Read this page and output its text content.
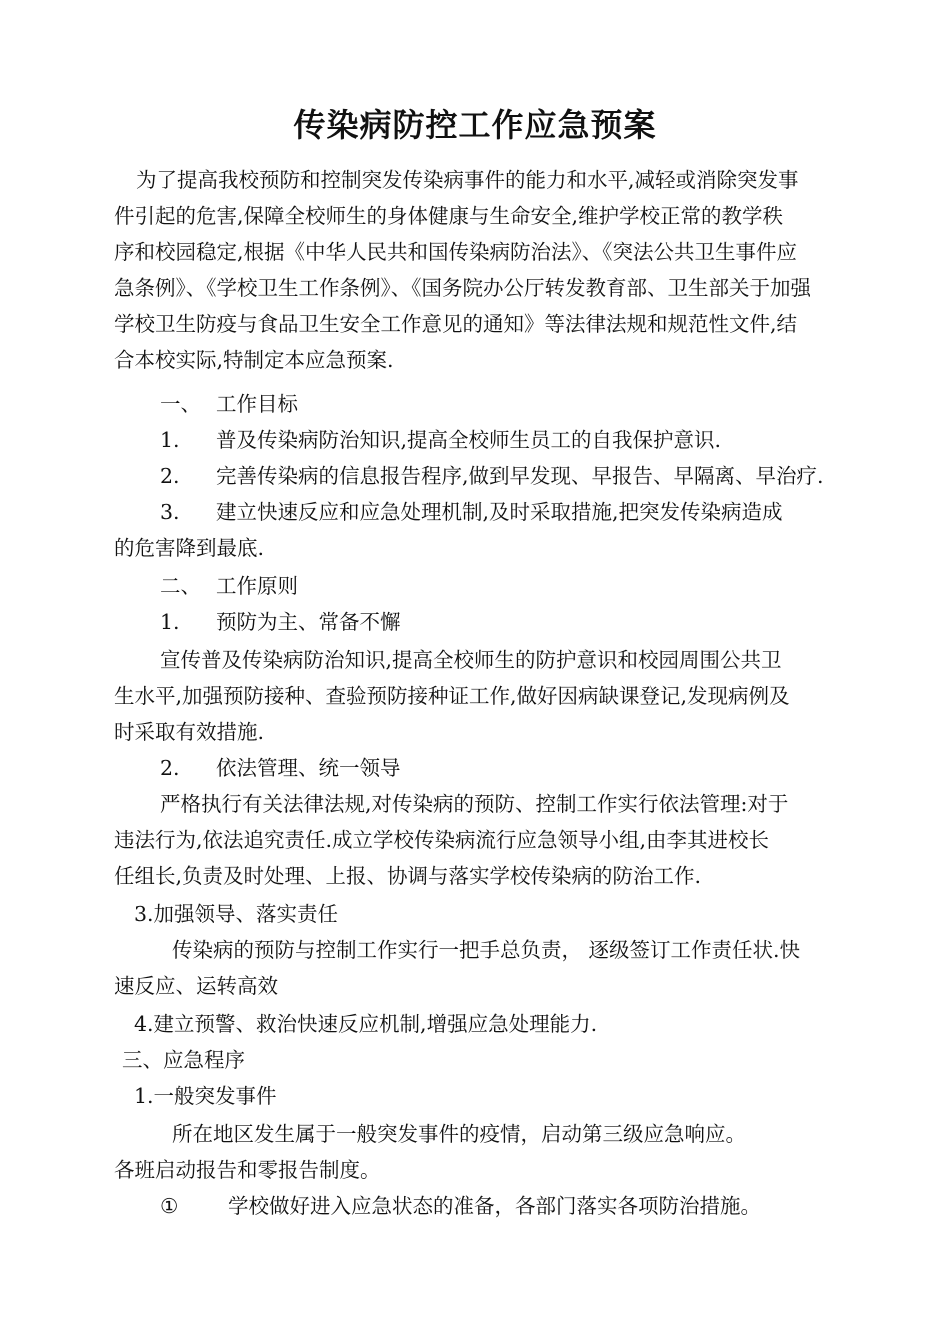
传染病防控工作应急预案
为了提高我校预防和控制突发传染病事件的能力和水平,减轻或消除突发事
件引起的危害,保障全校师生的身体健康与生命安全,维护学校正常的教学秩
序和校园稳定,根据《中华人民共和国传染病防治法》、《突法公共卫生事件应
急条例》、《学校卫生工作条例》、《国务院办公厅转发教育部、卫生部关于加强
学校卫生防疫与食品卫生安全工作意见的通知》等法律法规和规范性文件,结
合本校实际,特制定本应急预案.
一、 工作目标
1. 普及传染病防治知识,提高全校师生员工的自我保护意识.
2. 完善传染病的信息报告程序,做到早发现、早报告、早隔离、早治疗.
3. 建立快速反应和应急处理机制,及时采取措施,把突发传染病造成
的危害降到最底.
二、 工作原则
1. 预防为主、常备不懈
宣传普及传染病防治知识,提高全校师生的防护意识和校园周围公共卫
生水平,加强预防接种、查验预防接种证工作,做好因病缺课登记,发现病例及
时采取有效措施.
2. 依法管理、统一领导
严格执行有关法律法规,对传染病的预防、控制工作实行依法管理:对于
违法行为,依法追究责任.成立学校传染病流行应急领导小组,由李其进校长
任组长,负责及时处理、上报、协调与落实学校传染病的防治工作.
3.加强领导、落实责任
传染病的预防与控制工作实行一把手总负责， 逐级签订工作责任状.快
速反应、运转高效
4.建立预警、救治快速反应机制,增强应急处理能力.
三、应急程序
1.一般突发事件
所在地区发生属于一般突发事件的疫情，启动第三级应急响应。
各班启动报告和零报告制度。
① 学校做好进入应急状态的准备，各部门落实各项防治措施。
